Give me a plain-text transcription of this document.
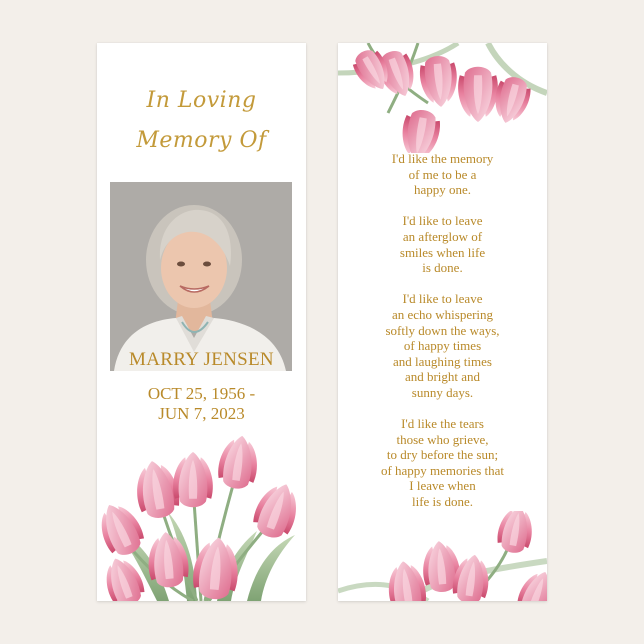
In Loving
Memory Of
MARRY JENSEN
OCT 25, 1956 -
JUN 7, 2023
I'd like the memory
of me to be a
happy one.
I'd like to leave
an afterglow of
smiles when life
is done.
I'd like to leave
an echo whispering
softly down the ways,
of happy times
and laughing times
and bright and
sunny days.
I'd like the tears
those who grieve,
to dry before the sun;
of happy memories that
I leave when
life is done.
